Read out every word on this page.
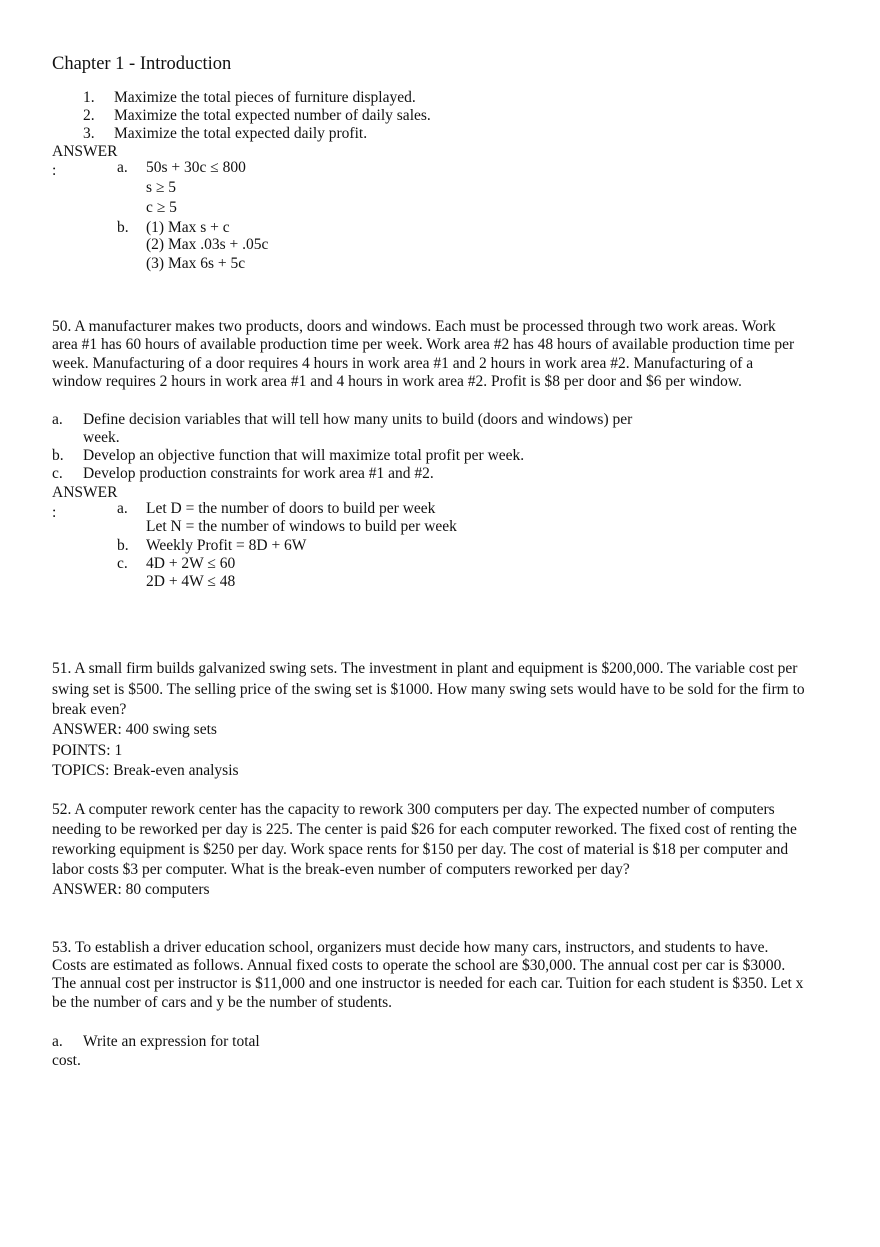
Chapter 1 - Introduction
1. Maximize the total pieces of furniture displayed.
2. Maximize the total expected number of daily sales.
3. Maximize the total expected daily profit.
ANSWER
:	a. 50s + 30c ≤ 800
s ≥ 5
c ≥ 5
b. (1) Max s + c
(2) Max .03s + .05c
(3) Max 6s + 5c
50. A manufacturer makes two products, doors and windows. Each must be processed through two work areas. Work
area #1 has 60 hours of available production time per week. Work area #2 has 48 hours of available production time per
week. Manufacturing of a door requires 4 hours in work area #1 and 2 hours in work area #2. Manufacturing of a
window requires 2 hours in work area #1 and 4 hours in work area #2. Profit is $8 per door and $6 per window.
a. Define decision variables that will tell how many units to build (doors and windows) per
week.
b. Develop an objective function that will maximize total profit per week.
c. Develop production constraints for work area #1 and #2.
ANSWER
:	a. Let D = the number of doors to build per week
Let N = the number of windows to build per week
b. Weekly Profit = 8D + 6W
c. 4D + 2W ≤ 60
2D + 4W ≤ 48
51. A small firm builds galvanized swing sets. The investment in plant and equipment is $200,000. The variable cost per
swing set is $500. The selling price of the swing set is $1000. How many swing sets would have to be sold for the firm to
break even?
ANSWER: 400 swing sets
POINTS: 1
TOPICS: Break-even analysis
52. A computer rework center has the capacity to rework 300 computers per day. The expected number of computers
needing to be reworked per day is 225. The center is paid $26 for each computer reworked. The fixed cost of renting the
reworking equipment is $250 per day. Work space rents for $150 per day. The cost of material is $18 per computer and
labor costs $3 per computer. What is the break-even number of computers reworked per day?
ANSWER: 80 computers
53. To establish a driver education school, organizers must decide how many cars, instructors, and students to have.
Costs are estimated as follows. Annual fixed costs to operate the school are $30,000. The annual cost per car is $3000.
The annual cost per instructor is $11,000 and one instructor is needed for each car. Tuition for each student is $350. Let x
be the number of cars and y be the number of students.
a. Write an expression for total
cost.
